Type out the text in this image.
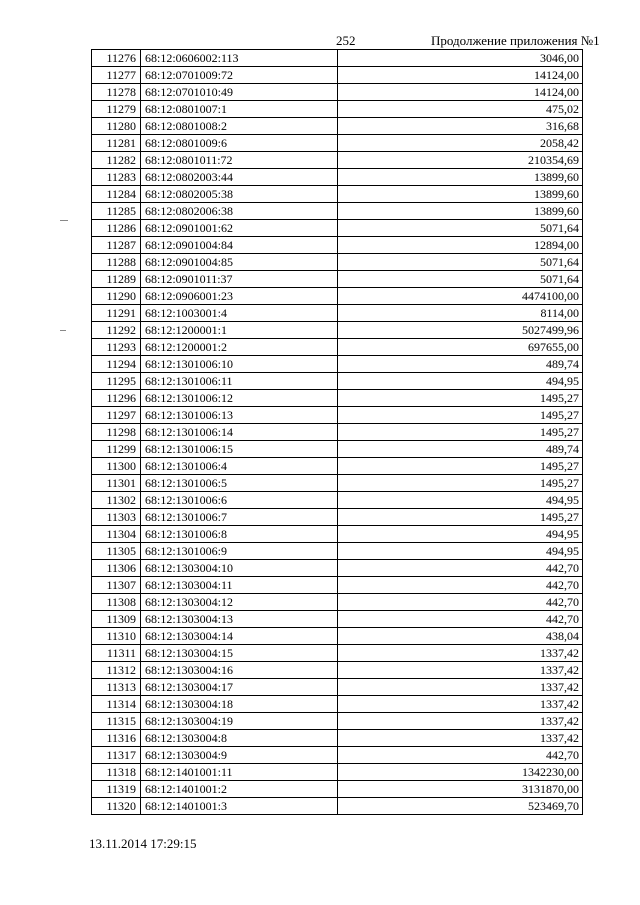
252	Продолжение приложения №1
11276	68:12:0606002:113	3046,00
11277	68:12:0701009:72	14124,00
11278	68:12:0701010:49	14124,00
11279	68:12:0801007:1	475,02
11280	68:12:0801008:2	316,68
11281	68:12:0801009:6	2058,42
11282	68:12:0801011:72	210354,69
11283	68:12:0802003:44	13899,60
11284	68:12:0802005:38	13899,60
11285	68:12:0802006:38	13899,60
11286	68:12:0901001:62	5071,64
11287	68:12:0901004:84	12894,00
11288	68:12:0901004:85	5071,64
11289	68:12:0901011:37	5071,64
11290	68:12:0906001:23	4474100,00
11291	68:12:1003001:4	8114,00
11292	68:12:1200001:1	5027499,96
11293	68:12:1200001:2	697655,00
11294	68:12:1301006:10	489,74
11295	68:12:1301006:11	494,95
11296	68:12:1301006:12	1495,27
11297	68:12:1301006:13	1495,27
11298	68:12:1301006:14	1495,27
11299	68:12:1301006:15	489,74
11300	68:12:1301006:4	1495,27
11301	68:12:1301006:5	1495,27
11302	68:12:1301006:6	494,95
11303	68:12:1301006:7	1495,27
11304	68:12:1301006:8	494,95
11305	68:12:1301006:9	494,95
11306	68:12:1303004:10	442,70
11307	68:12:1303004:11	442,70
11308	68:12:1303004:12	442,70
11309	68:12:1303004:13	442,70
11310	68:12:1303004:14	438,04
11311	68:12:1303004:15	1337,42
11312	68:12:1303004:16	1337,42
11313	68:12:1303004:17	1337,42
11314	68:12:1303004:18	1337,42
11315	68:12:1303004:19	1337,42
11316	68:12:1303004:8	1337,42
11317	68:12:1303004:9	442,70
11318	68:12:1401001:11	1342230,00
11319	68:12:1401001:2	3131870,00
11320	68:12:1401001:3	523469,70
13.11.2014 17:29:15
